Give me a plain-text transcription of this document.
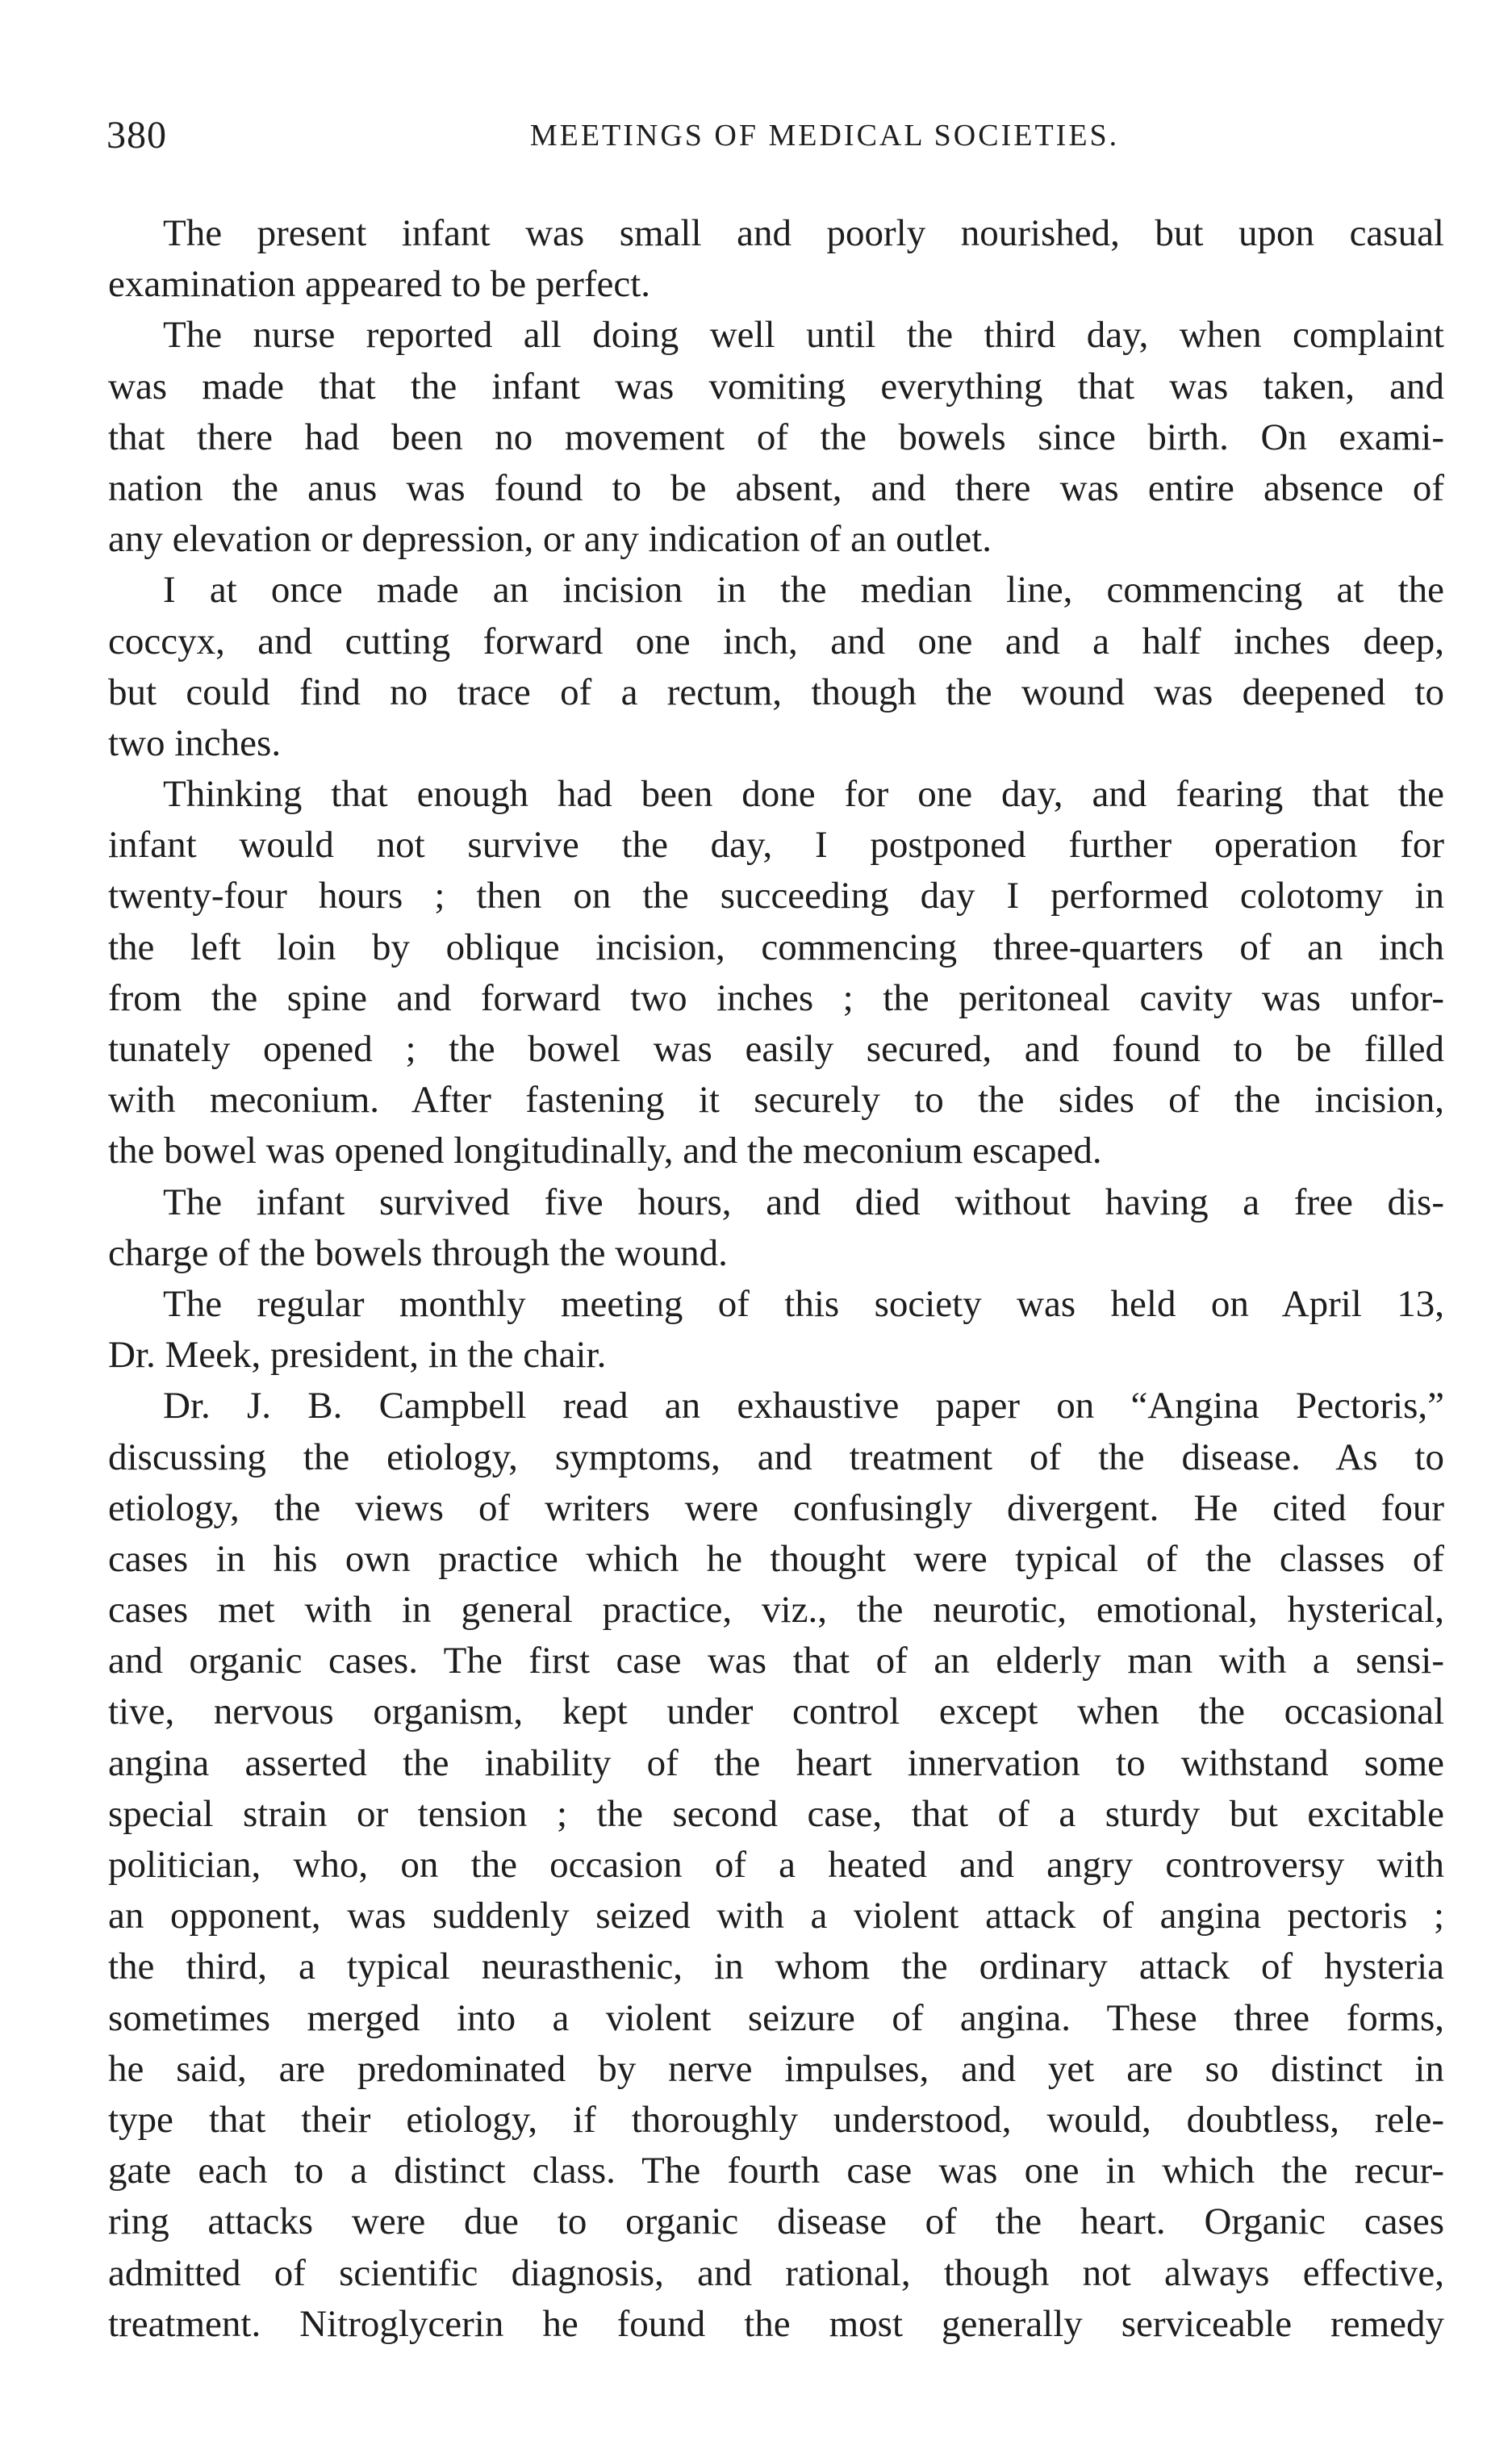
380	MEETINGS OF MEDICAL SOCIETIES.
The present infant was small and poorly nourished, but upon casual
examination appeared to be perfect.
The nurse reported all doing well until the third day, when complaint
was made that the infant was vomiting everything that was taken, and
that there had been no movement of the bowels since birth. On exami-
nation the anus was found to be absent, and there was entire absence of
any elevation or depression, or any indication of an outlet.
I at once made an incision in the median line, commencing at the
coccyx, and cutting forward one inch, and one and a half inches deep,
but could find no trace of a rectum, though the wound was deepened to
two inches.
Thinking that enough had been done for one day, and fearing that the
infant would not survive the day, I postponed further operation for
twenty-four hours ; then on the succeeding day I performed colotomy in
the left loin by oblique incision, commencing three-quarters of an inch
from the spine and forward two inches ; the peritoneal cavity was unfor-
tunately opened ; the bowel was easily secured, and found to be filled
with meconium. After fastening it securely to the sides of the incision,
the bowel was opened longitudinally, and the meconium escaped.
The infant survived five hours, and died without having a free dis-
charge of the bowels through the wound.
The regular monthly meeting of this society was held on April 13,
Dr. Meek, president, in the chair.
Dr. J. B. Campbell read an exhaustive paper on “Angina Pectoris,”
discussing the etiology, symptoms, and treatment of the disease. As to
etiology, the views of writers were confusingly divergent. He cited four
cases in his own practice which he thought were typical of the classes of
cases met with in general practice, viz., the neurotic, emotional, hysterical,
and organic cases. The first case was that of an elderly man with a sensi-
tive, nervous organism, kept under control except when the occasional
angina asserted the inability of the heart innervation to withstand some
special strain or tension ; the second case, that of a sturdy but excitable
politician, who, on the occasion of a heated and angry controversy with
an opponent, was suddenly seized with a violent attack of angina pectoris ;
the third, a typical neurasthenic, in whom the ordinary attack of hysteria
sometimes merged into a violent seizure of angina. These three forms,
he said, are predominated by nerve impulses, and yet are so distinct in
type that their etiology, if thoroughly understood, would, doubtless, rele-
gate each to a distinct class. The fourth case was one in which the recur-
ring attacks were due to organic disease of the heart. Organic cases
admitted of scientific diagnosis, and rational, though not always effective,
treatment. Nitroglycerin he found the most generally serviceable remedy
